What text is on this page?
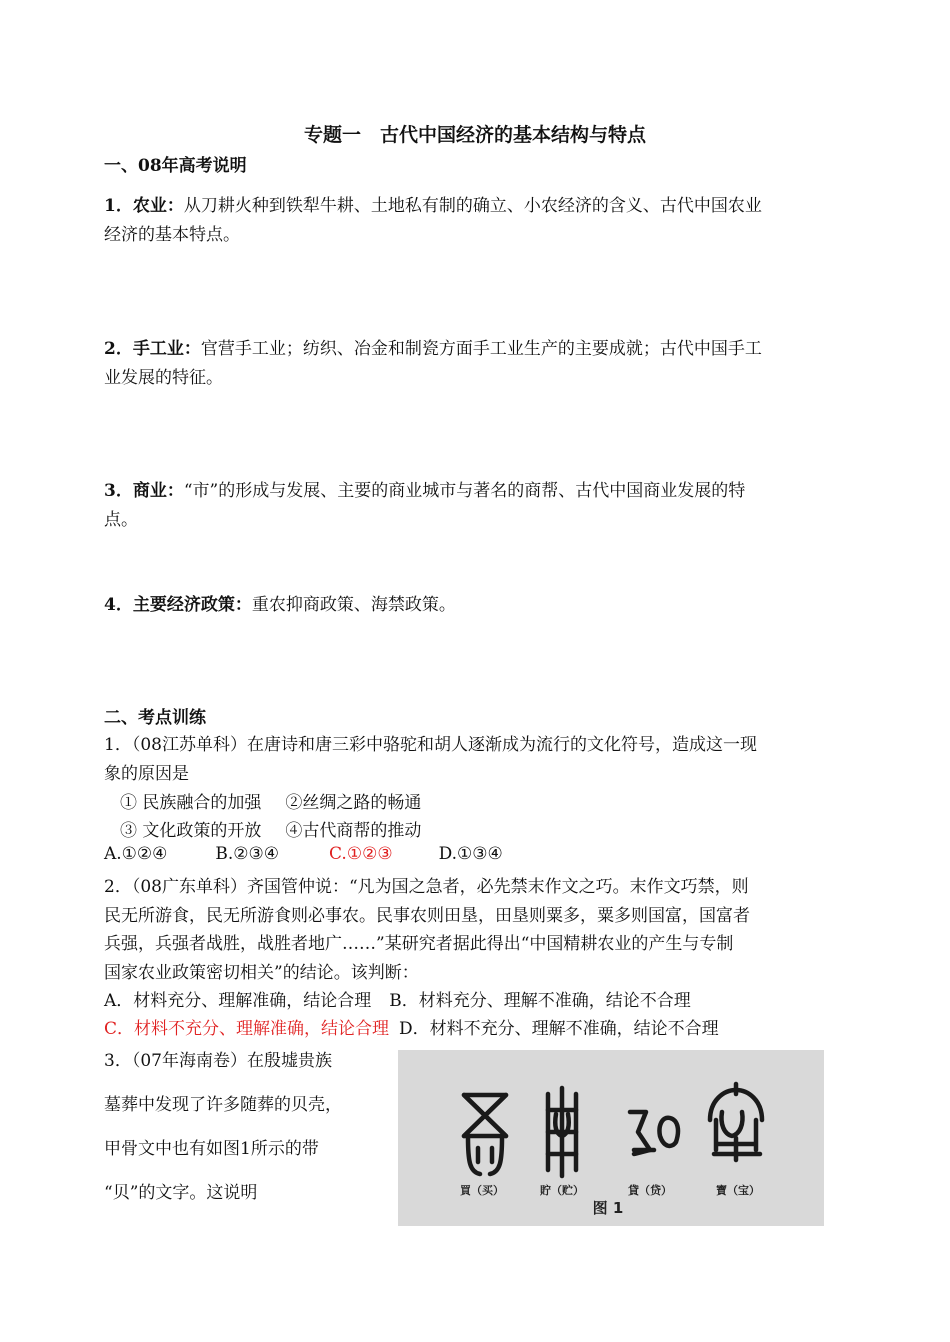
专题一　古代中国经济的基本结构与特点
一、08年高考说明
1．农业：从刀耕火种到铁犁牛耕、土地私有制的确立、小农经济的含义、古代中国农业
经济的基本特点。
2．手工业：官营手工业；纺织、冶金和制瓷方面手工业生产的主要成就；古代中国手工
业发展的特征。
3．商业：“市”的形成与发展、主要的商业城市与著名的商帮、古代中国商业发展的特
点。
4．主要经济政策：重农抑商政策、海禁政策。
二、考点训练
1．（08江苏单科）在唐诗和唐三彩中骆驼和胡人逐渐成为流行的文化符号，造成这一现
象的原因是
① 民族融合的加强 ②丝绸之路的畅通
③ 文化政策的开放 ④古代商帮的推动
A.①②④	B.②③④	C.①②③	D.①③④
2．（08广东单科）齐国管仲说：“凡为国之急者，必先禁末作文之巧。末作文巧禁，则
民无所游食，民无所游食则必事农。民事农则田垦，田垦则粟多，粟多则国富，国富者
兵强，兵强者战胜，战胜者地广……”某研究者据此得出“中国精耕农业的产生与专制
国家农业政策密切相关”的结论。该判断：
A．材料充分、理解准确，结论合理 B．材料充分、理解不准确，结论不合理
C．材料不充分、理解准确，结论合理 D．材料不充分、理解不准确，结论不合理
3．（07年海南卷）在殷墟贵族
墓葬中发现了许多随葬的贝壳，
甲骨文中也有如图1所示的带
“贝”的文字。这说明	買（买）	貯（贮）	貸（贷）	寶（宝）
图 1
